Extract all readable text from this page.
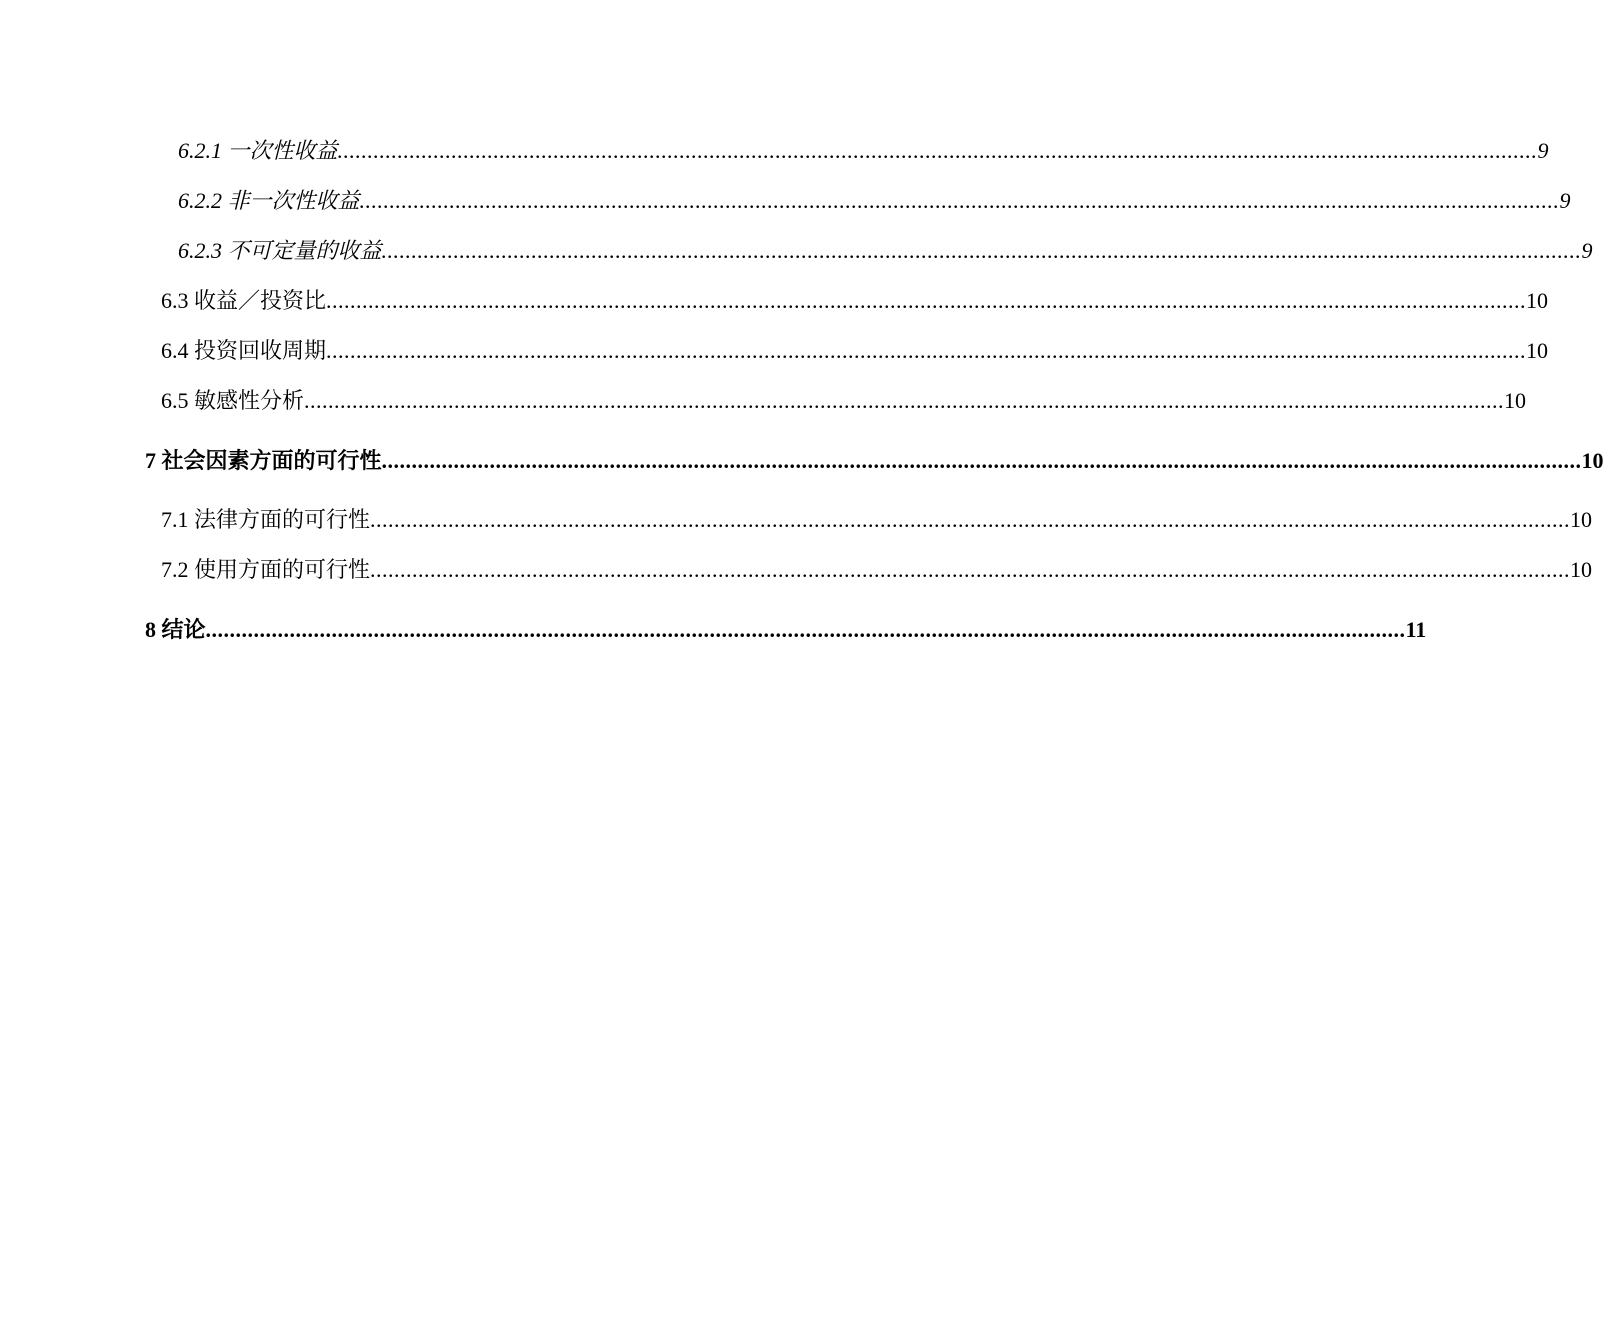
6.2.1 一次性收益 ........................................................................................................................................................................................................ 9
6.2.2 非一次性收益 ........................................................................................................................................................................................................ 9
6.2.3 不可定量的收益 ........................................................................................................................................................................................................ 9
6.3 收益／投资比 ........................................................................................................................................................................................................ 10
6.4 投资回收周期 ........................................................................................................................................................................................................ 10
6.5 敏感性分析 ........................................................................................................................................................................................................ 10
7 社会因素方面的可行性 ........................................................................................................................................................................................................ 10
7.1 法律方面的可行性 ........................................................................................................................................................................................................ 10
7.2 使用方面的可行性 ........................................................................................................................................................................................................ 10
8 结论 ........................................................................................................................................................................................................ 11
